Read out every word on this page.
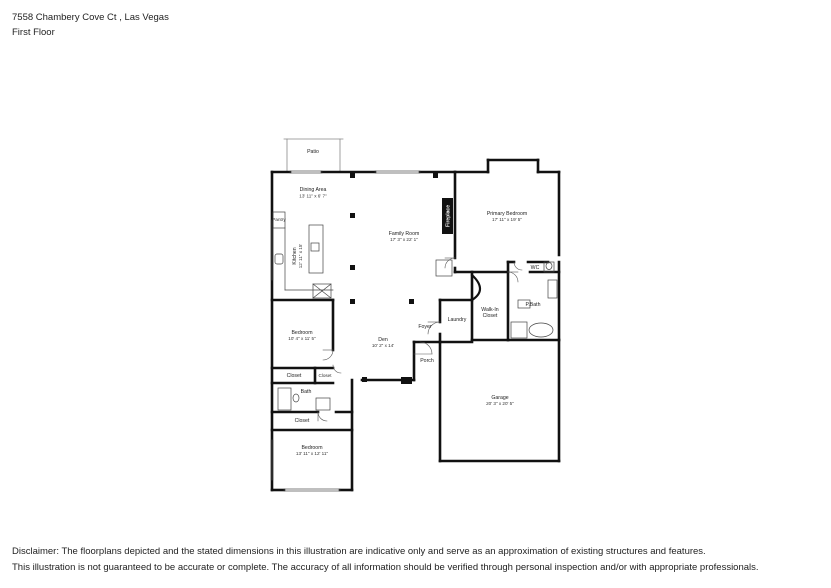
7558 Chambery Cove Ct , Las Vegas
First Floor
Fireplace
Patio
Dining Area
13' 11" x 6' 7"
Pantry
Kitchen 12' 11" x 15'
Family Room
17' 3" x 22' 1"
Primary Bedroom
17' 11" x 19' 5"
WC
P.Bath
Walk-In
Closet
Laundry
Foyer
Den
10' 2" x 14'
Porch
Bedroom
10' 4" x 11' 5"
Closet	Closet
Bath
Closet
Bedroom
13' 11" x 12' 11"
Garage
20' 3" x 20' 5"
Disclaimer: The floorplans depicted and the stated dimensions in this illustration are indicative only and serve as an approximation of existing structures and features.
This illustration is not guaranteed to be accurate or complete. The accuracy of all information should be verified through personal inspection and/or with appropriate professionals.
